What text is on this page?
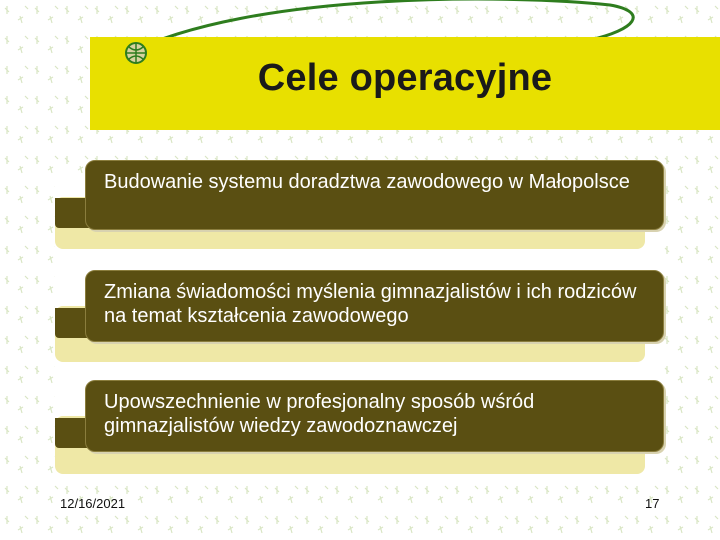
Cele operacyjne
Budowanie systemu doradztwa zawodowego w Małopolsce
Zmiana świadomości myślenia gimnazjalistów i ich rodziców na temat kształcenia zawodowego
Upowszechnienie w profesjonalny sposób wśród gimnazjalistów wiedzy zawodoznawczej
12/16/2021	17
